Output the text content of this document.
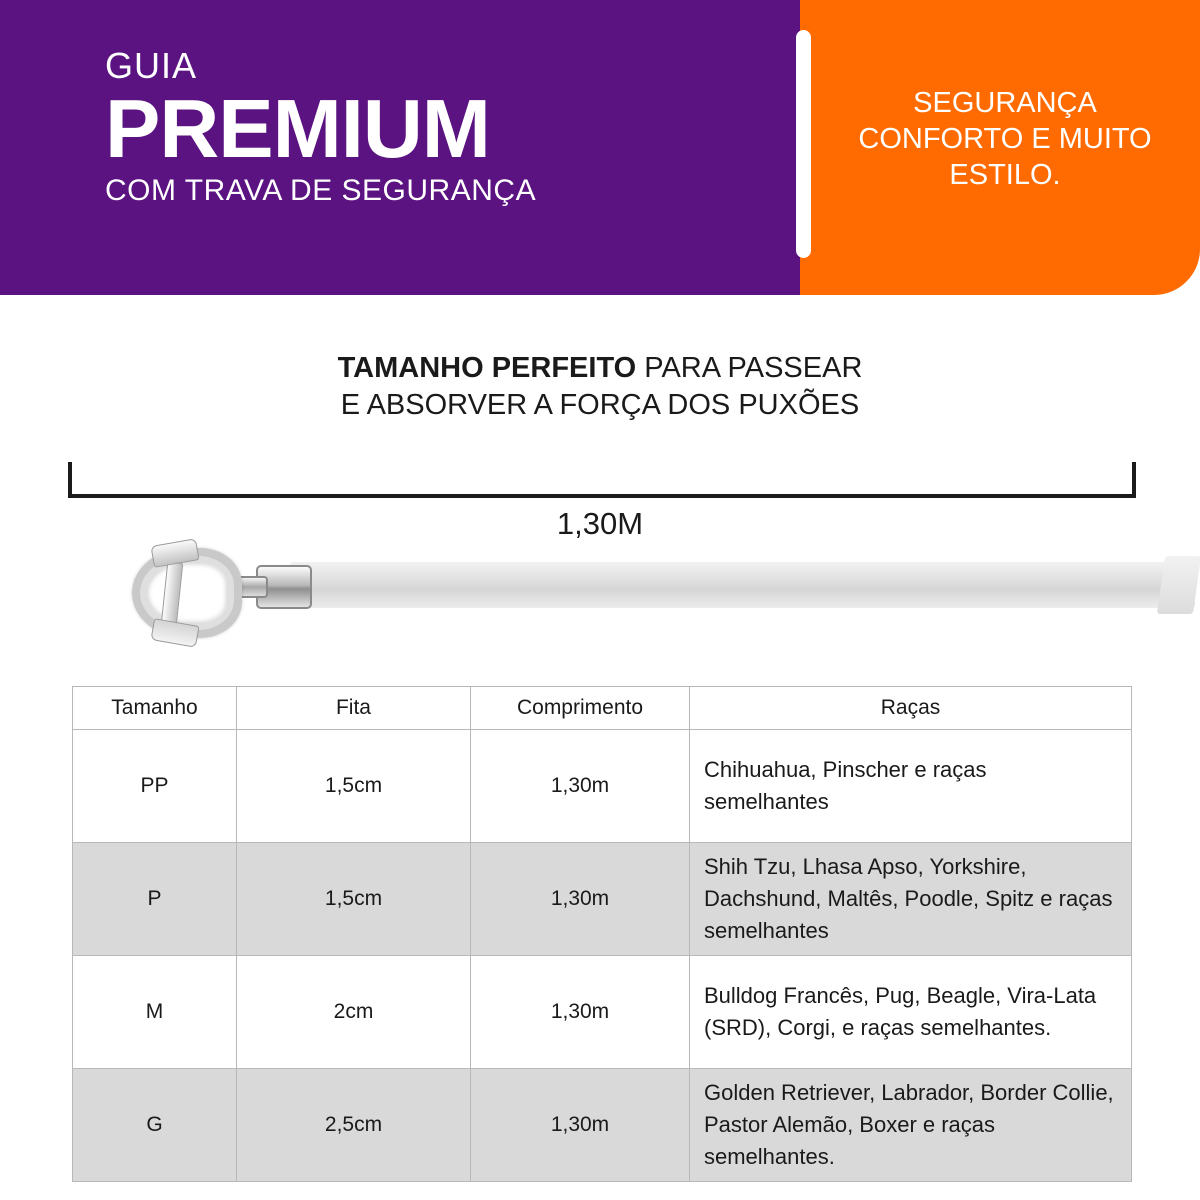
GUIA
PREMIUM
COM TRAVA DE SEGURANÇA
SEGURANÇA CONFORTO E MUITO ESTILO.
TAMANHO PERFEITO PARA PASSEAR
E ABSORVER A FORÇA DOS PUXÕES
1,30M
Tamanho	Fita	Comprimento	Raças
PP	1,5cm	1,30m	Chihuahua, Pinscher e raças semelhantes
P	1,5cm	1,30m	Shih Tzu, Lhasa Apso, Yorkshire, Dachshund, Maltês, Poodle, Spitz e raças semelhantes
M	2cm	1,30m	Bulldog Francês, Pug, Beagle, Vira-Lata (SRD), Corgi, e raças semelhantes.
G	2,5cm	1,30m	Golden Retriever, Labrador, Border Collie, Pastor Alemão, Boxer e raças semelhantes.
